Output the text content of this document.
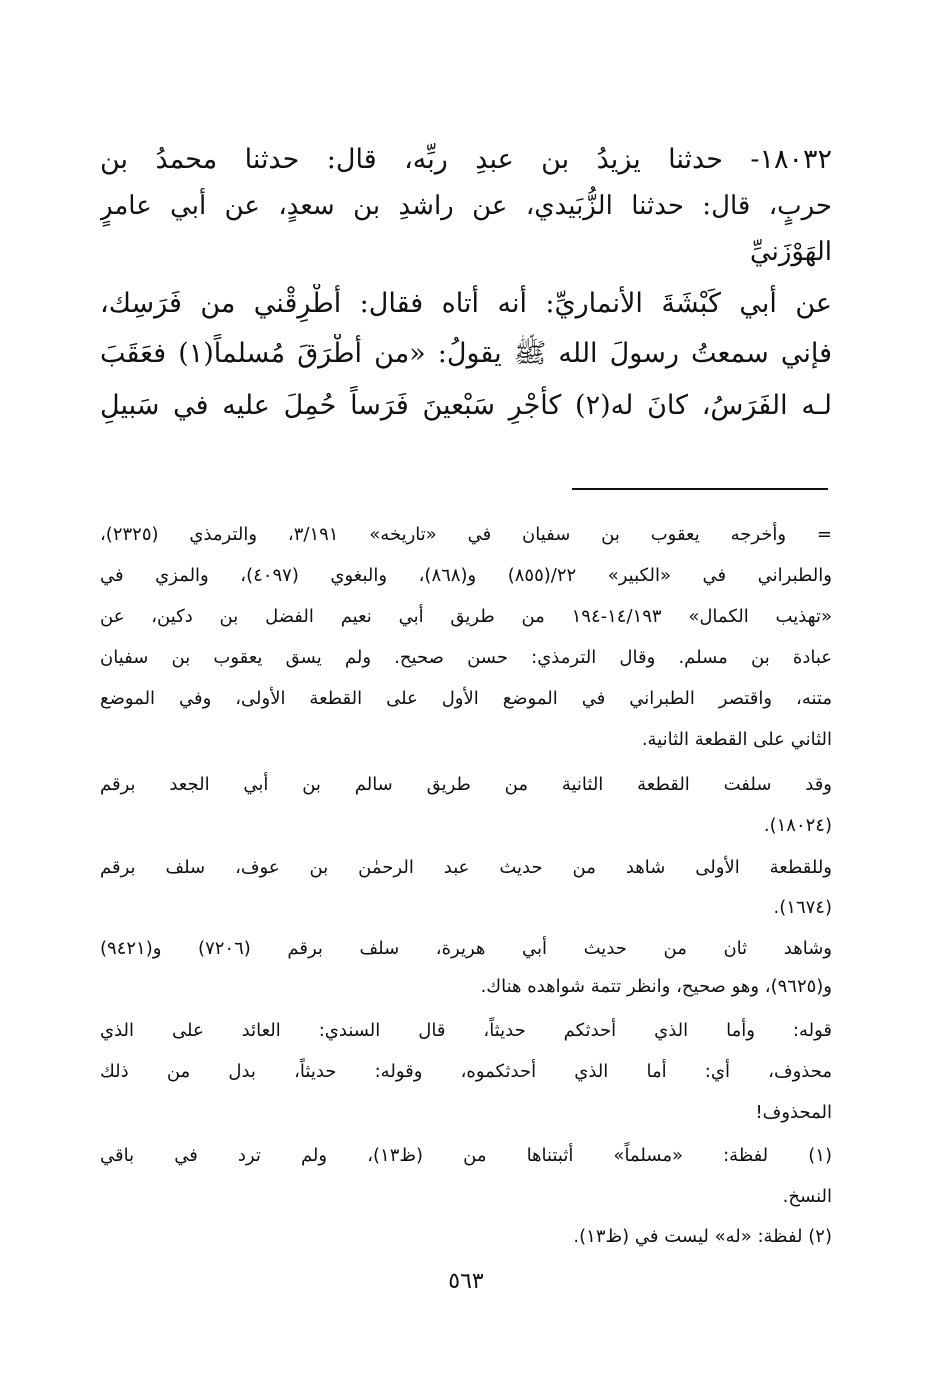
١٨٠٣٢- حدثنا يزيدُ بن عبدِ ربِّه، قال: حدثنا محمدُ بن

حربٍ، قال: حدثنا الزُّبَيدي، عن راشدِ بن سعدٍ، عن أبي عامرٍ

الهَوْزَنيِّ

عن أبي كَبْشَةَ الأنماريِّ: أنه أتاه فقال: أَطْرِقْني من فَرَسِك،

فإني سمعتُ رسولَ الله ﷺ يقولُ: «من أَطْرَقَ مُسلماً(١) فعَقَبَ

لـه الفَرَسُ، كانَ له(٢) كأجْرِ سَبْعينَ فَرَساً حُمِلَ عليه في سَبيلِ

= وأخرجه يعقوب بن سفيان في «تاريخه» ٣/١٩١، والترمذي (٢٣٢٥)،

والطبراني في «الكبير» ٢٢/(٨٥٥) و(٨٦٨)، والبغوي (٤٠٩٧)، والمزي في

«تهذيب الكمال» ١٤/١٩٣-١٩٤ من طريق أبي نعيم الفضل بن دكين، عن

عبادة بن مسلم. وقال الترمذي: حسن صحيح. ولم يسق يعقوب بن سفيان

متنه، واقتصر الطبراني في الموضع الأول على القطعة الأولى، وفي الموضع

الثاني على القطعة الثانية.

وقد سلفت القطعة الثانية من طريق سالم بن أبي الجعد برقم

(١٨٠٢٤).

وللقطعة الأولى شاهد من حديث عبد الرحمٰن بن عوف، سلف برقم

(١٦٧٤).

وشاهد ثان من حديث أبي هريرة، سلف برقم (٧٢٠٦) و(٩٤٢١)

و(٩٦٢٥)، وهو صحيح، وانظر تتمة شواهده هناك.

قوله: وأما الذي أحدثكم حديثاً، قال السندي: العائد على الذي

محذوف، أي: أما الذي أحدثكموه، وقوله: حديثاً، بدل من ذلك

المحذوف!

(١) لفظة: «مسلماً» أثبتناها من (ظ١٣)، ولم ترد في باقي

النسخ.

(٢) لفظة: «له» ليست في (ظ١٣).

٥٦٣
